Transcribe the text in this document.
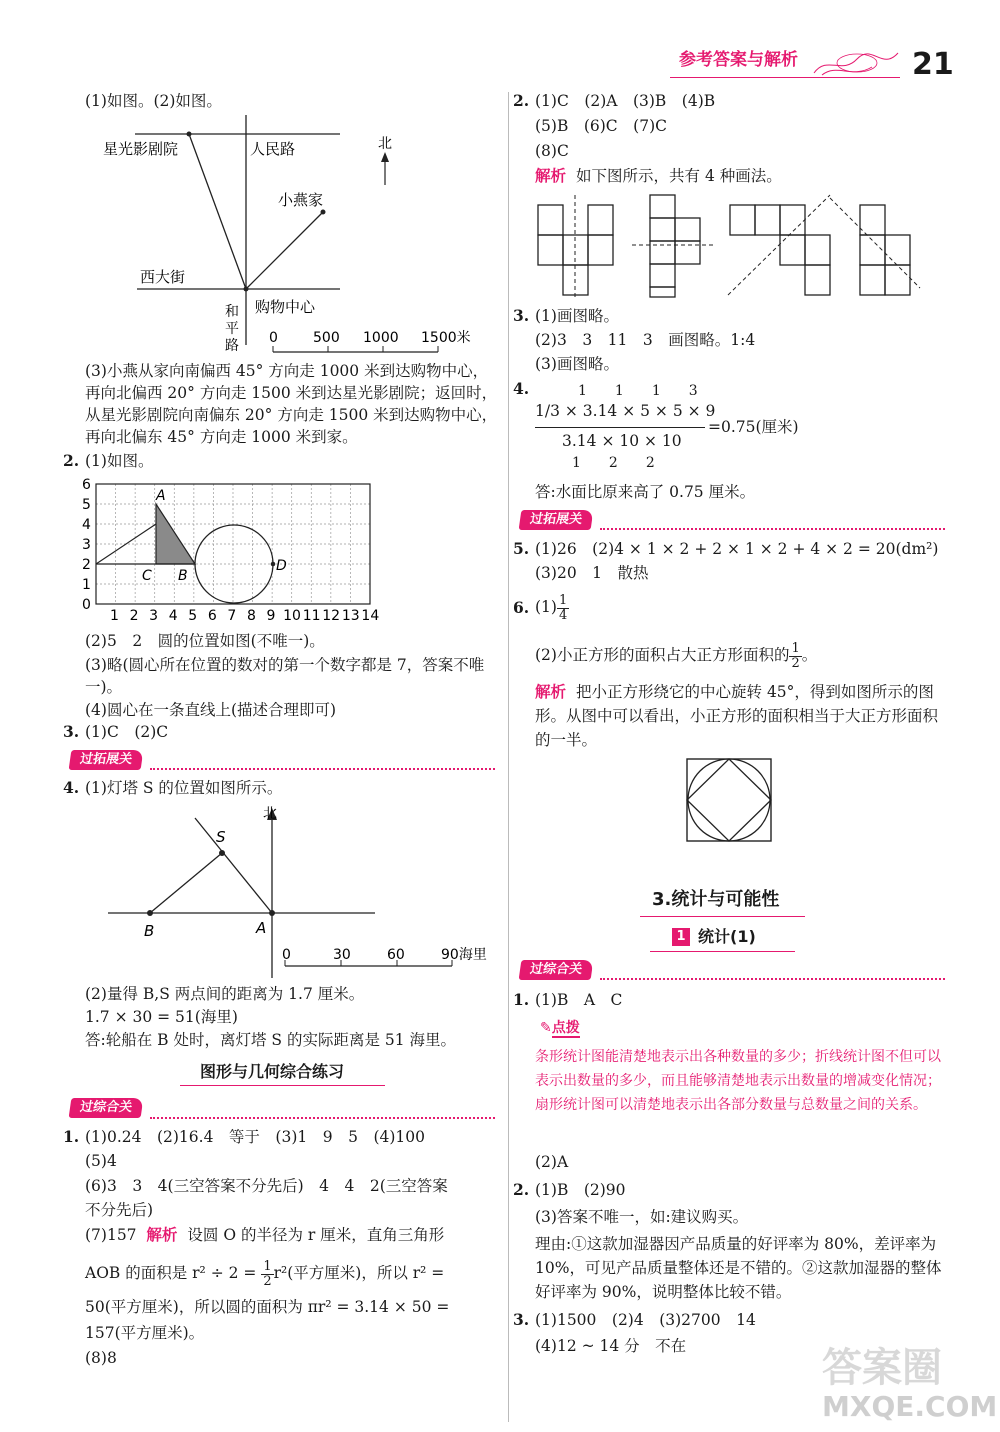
参考答案与解析	21
(1)如图。(2)如图。
北
星光影剧院	人民路
小燕家
西大街
购物中心
和平路 0	500 1000 1500米
(3)小燕从家向南偏西 45° 方向走 1000 米到达购物中心，再向北偏西 20° 方向走 1500 米到达星光影剧院；返回时，从星光影剧院向南偏东 20° 方向走 1500 米到达购物中心，再向北偏东 45° 方向走 1000 米到家。
2. (1)如图。
0
1
2
3
4
5
6
1 2 3 4 5 6 7 8 9 10 11 12 13 14
A
B
C
D
(2)5　2　圆的位置如图(不唯一)。
(3)略(圆心所在位置的数对的第一个数字都是 7，答案不唯一)。
(4)圆心在一条直线上(描述合理即可)
3. (1)C　(2)C
过拓展关
4. (1)灯塔 S 的位置如图所示。
北
S
B	A
0	30	60	90海里
(2)量得 B,S 两点间的距离为 1.7 厘米。
1.7 × 30 = 51(海里)
答:轮船在 B 处时，离灯塔 S 的实际距离是 51 海里。
图形与几何综合练习
过综合关
1. (1)0.24　(2)16.4　等于　(3)1　9　5　(4)100
(5)4
(6)3　3　4(三空答案不分先后)　4　4　2(三空答案
不分先后)
(7)157 解析 设圆 O 的半径为 r 厘米，直角三角形
AOB 的面积是 $r^2 \div 2 = \frac{1}{2} r^2$(平方厘米)，所以 r² =
50(平方厘米)，所以圆的面积为 πr² = 3.14 × 50 =
157(平方厘米)。
(8)8
2. (1)C　(2)A　(3)B　(4)B
(5)B　(6)C　(7)C
(8)C
解析 如下图所示，共有 4 种画法。
3. (1)画图略。
(2)3　3　11　3　画图略。1:4
(3)画图略。
4.	1　　1　　1　　3
1/3 × 3.14 × 5 × 5 × 9
=0.75(厘米)
3.14 × 10 × 10
1　　2　　2
答:水面比原来高了 0.75 厘米。
过拓展关
5. (1)26　(2)4 × 1 × 2 + 2 × 1 × 2 + 4 × 2 = 20(dm²)
(3)20　1　散热
6. $(1) \frac{1}{4}$
(2)小正方形的面积占大正方形面积的 $\frac{1}{2}$ 。
解析 把小正方形绕它的中心旋转 45°，得到如图所示的图形。从图中可以看出，小正方形的面积相当于大正方形面积的一半。
3.统计与可能性
1 统计(1)
过综合关
1. (1)B　A　C
✎点拨
条形统计图能清楚地表示出各种数量的多少；折线统计图不但可以表示出数量的多少，而且能够清楚地表示出数量的增减变化情况；扇形统计图可以清楚地表示出各部分数量与总数量之间的关系。
(2)A
2. (1)B　(2)90
(3)答案不唯一，如:建议购买。
理由:①这款加湿器因产品质量的好评率为 80%，差评率为 10%，可见产品质量整体还是不错的。②这款加湿器的整体好评率为 90%，说明整体比较不错。
3. (1)1500　(2)4　(3)2700　14
(4)12 ~ 14 分　不在	答案圈
MXQE.COM
